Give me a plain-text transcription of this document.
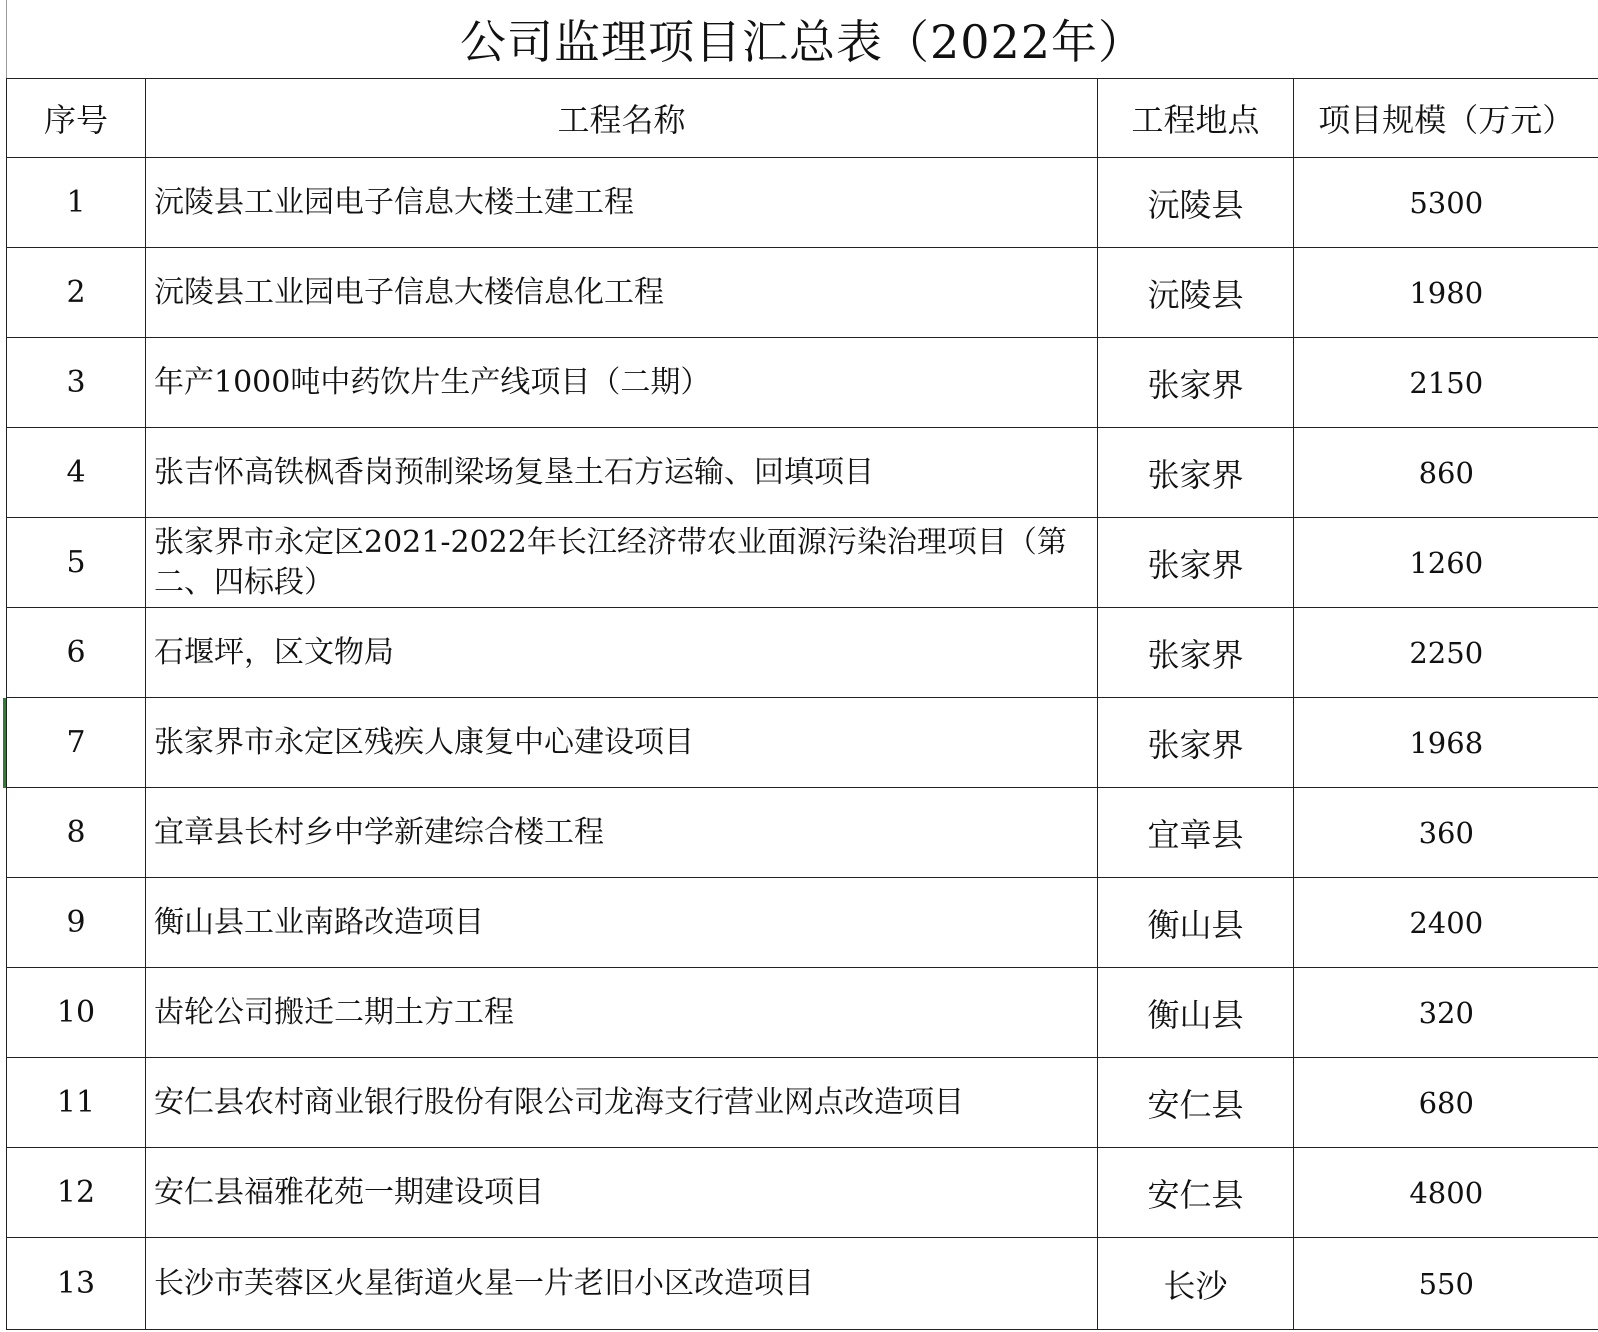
公司监理项目汇总表（2022年）
序号	工程名称	工程地点	项目规模（万元）
1	沅陵县工业园电子信息大楼土建工程	沅陵县	5300
2	沅陵县工业园电子信息大楼信息化工程	沅陵县	1980
3	年产1000吨中药饮片生产线项目（二期）	张家界	2150
4	张吉怀高铁枫香岗预制梁场复垦土石方运输、回填项目	张家界	860
5	张家界市永定区2021-2022年长江经济带农业面源污染治理项目（第二、四标段）	张家界	1260
6	石堰坪，区文物局	张家界	2250
7	张家界市永定区残疾人康复中心建设项目	张家界	1968
8	宜章县长村乡中学新建综合楼工程	宜章县	360
9	衡山县工业南路改造项目	衡山县	2400
10	齿轮公司搬迁二期土方工程	衡山县	320
11	安仁县农村商业银行股份有限公司龙海支行营业网点改造项目	安仁县	680
12	安仁县福雅花苑一期建设项目	安仁县	4800
13	长沙市芙蓉区火星街道火星一片老旧小区改造项目	长沙	550
